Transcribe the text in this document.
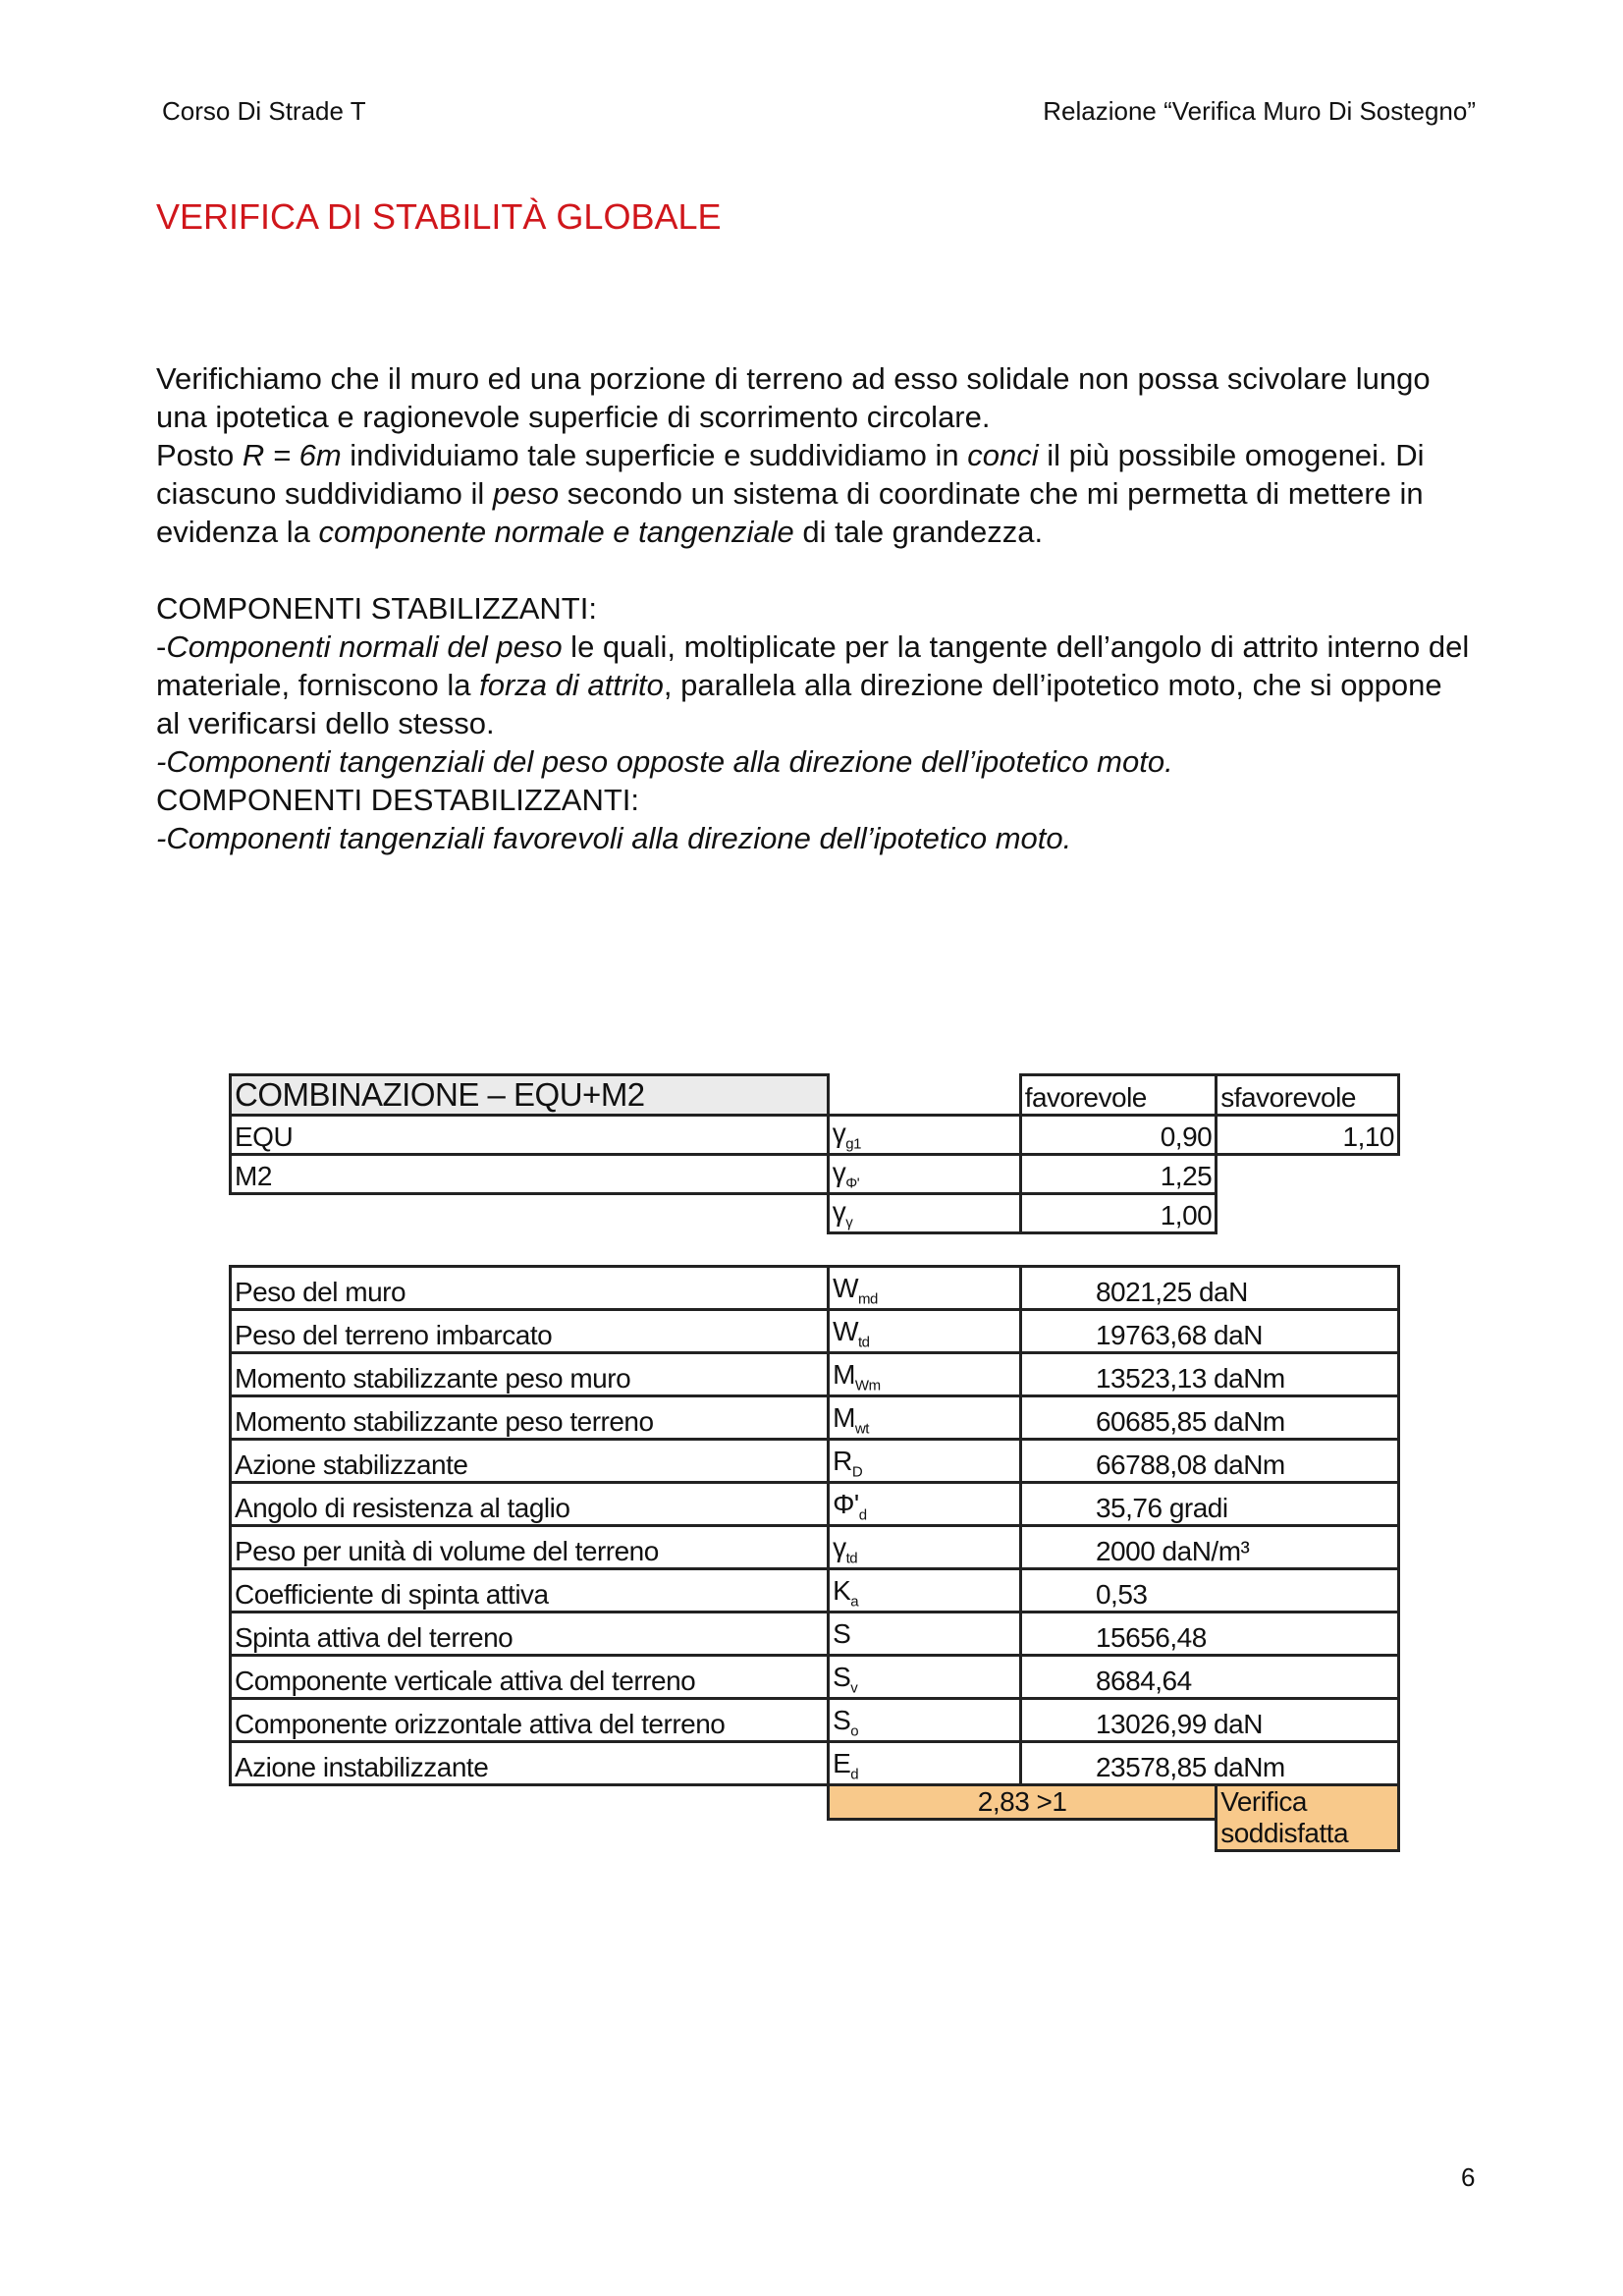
Corso Di Strade T	Relazione “Verifica Muro Di Sostegno”
VERIFICA DI STABILITÀ GLOBALE

Verifichiamo che il muro ed una porzione di terreno ad esso solidale non possa scivolare lungo una ipotetica e ragionevole superficie di scorrimento circolare.

Posto R = 6m individuiamo tale superficie e suddividiamo in conci il più possibile omogenei. Di ciascuno suddividiamo il peso secondo un sistema di coordinate che mi permetta di mettere in evidenza la componente normale e tangenziale di tale grandezza.

COMPONENTI STABILIZZANTI:

-Componenti normali del peso le quali, moltiplicate per la tangente dell’angolo di attrito interno del materiale, forniscono la forza di attrito, parallela alla direzione dell’ipotetico moto, che si oppone al verificarsi dello stesso.

-Componenti tangenziali del peso opposte alla direzione dell’ipotetico moto.

COMPONENTI DESTABILIZZANTI:

-Componenti tangenziali favorevoli alla direzione dell’ipotetico moto.

COMBINAZIONE – EQU+M2		favorevole	sfavorevole
EQU	$\gamma_{g1}$	0,90	1,10
M2	$\gamma_{\Phi'}$	1,25	
	$\gamma_\gamma$	1,00	
Peso del muro	$W_{md}$	8021,25 daN	
Peso del terreno imbarcato	$W_{td}$	19763,68 daN	
Momento stabilizzante peso muro	$M_{Wm}$	13523,13 daNm	
Momento stabilizzante peso terreno	$M_{wt}$	60685,85 daNm	
Azione stabilizzante	$R_D$	66788,08 daNm	
Angolo di resistenza al taglio	$\Phi'_d$	35,76 gradi	
Peso per unità di volume del terreno	$\gamma_{td}$	2000 daN/m³	
Coefficiente di spinta attiva	$K_a$	0,53	
Spinta attiva del terreno	S	15656,48	
Componente verticale attiva del terreno	$S_v$	8684,64	
Componente orizzontale attiva del terreno	$S_o$	13026,99 daN	
Azione instabilizzante	$E_d$	23578,85 daNm	
	2,83 >1		Verifica soddisfatta

6
